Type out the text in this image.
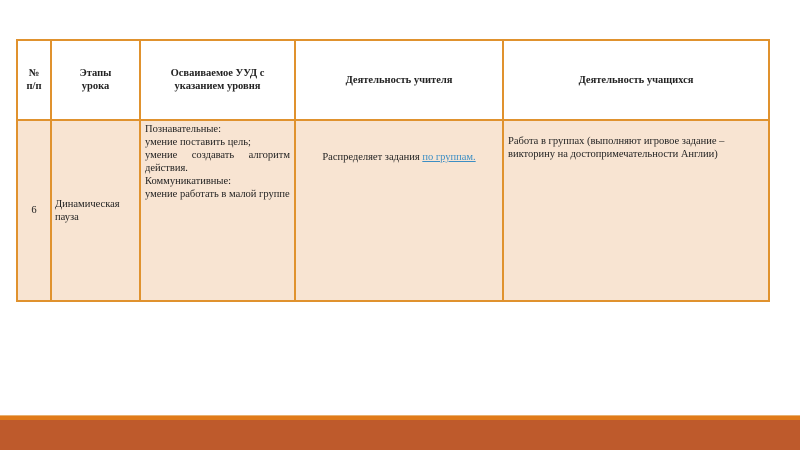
№ п/п	Этапы урока	Осваиваемое УУД с указанием уровня	Деятельность учителя	Деятельность учащихся
6	Динамическая пауза	Познавательные:
умение поставить цель;
умение создавать алгоритм действия.
Коммуникативные:
умение работать в малой группе	Распределяет задания по группам.	Работа в группах (выполняют игровое задание – викторину на достопримечательности Англии)
